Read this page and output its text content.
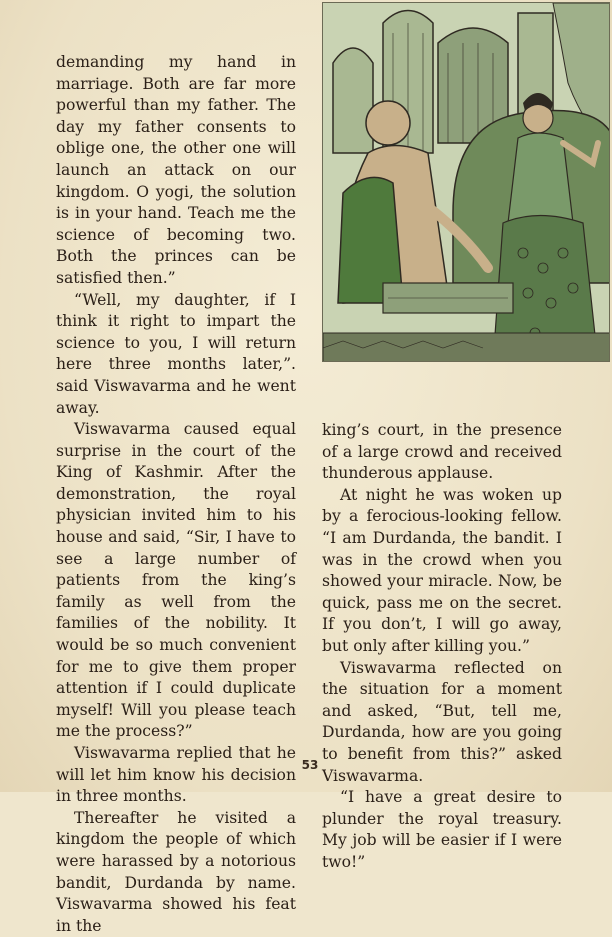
demanding my hand in marriage. Both are far more powerful than my father. The day my father consents to oblige one, the other one will launch an attack on our kingdom. O yogi, the solution is in your hand. Teach me the science of becoming two. Both the princes can be satisfied then.”

“Well, my daughter, if I think it right to impart the science to you, I will return here three months later,”. said Viswavarma and he went away.

Viswavarma caused equal surprise in the court of the King of Kashmir. After the demonstration, the royal physician invited him to his house and said, “Sir, I have to see a large number of patients from the king’s family as well from the families of the nobility. It would be so much convenient for me to give them proper attention if I could duplicate myself! Will you please teach me the process?”

Viswavarma replied that he will let him know his decision in three months.

Thereafter he visited a kingdom the people of which were harassed by a notorious bandit, Durdanda by name. Viswavarma showed his feat in the

king’s court, in the presence of a large crowd and received thunderous applause.

At night he was woken up by a ferocious-looking fellow. “I am Durdanda, the bandit. I was in the crowd when you showed your miracle. Now, be quick, pass me on the secret. If you don’t, I will go away, but only after killing you.”

Viswavarma reflected on the situation for a moment and asked, “But, tell me, Durdanda, how are you going to benefit from this?” asked Viswavarma.

“I have a great desire to plunder the royal treasury. My job will be easier if I were two!”

53
